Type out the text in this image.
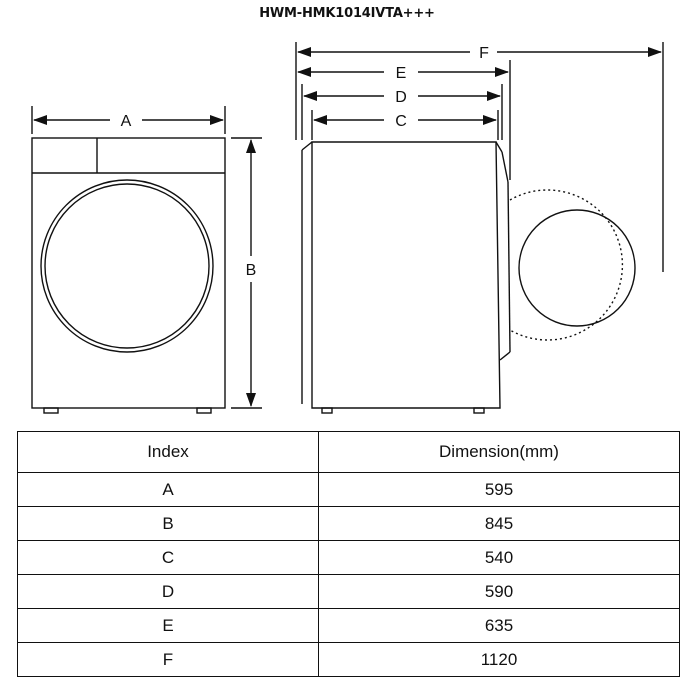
HWM-HMK1014IVTA+++
A
B
F
E
D
C
Index	Dimension(mm)
A	595
B	845
C	540
D	590
E	635
F	1120
